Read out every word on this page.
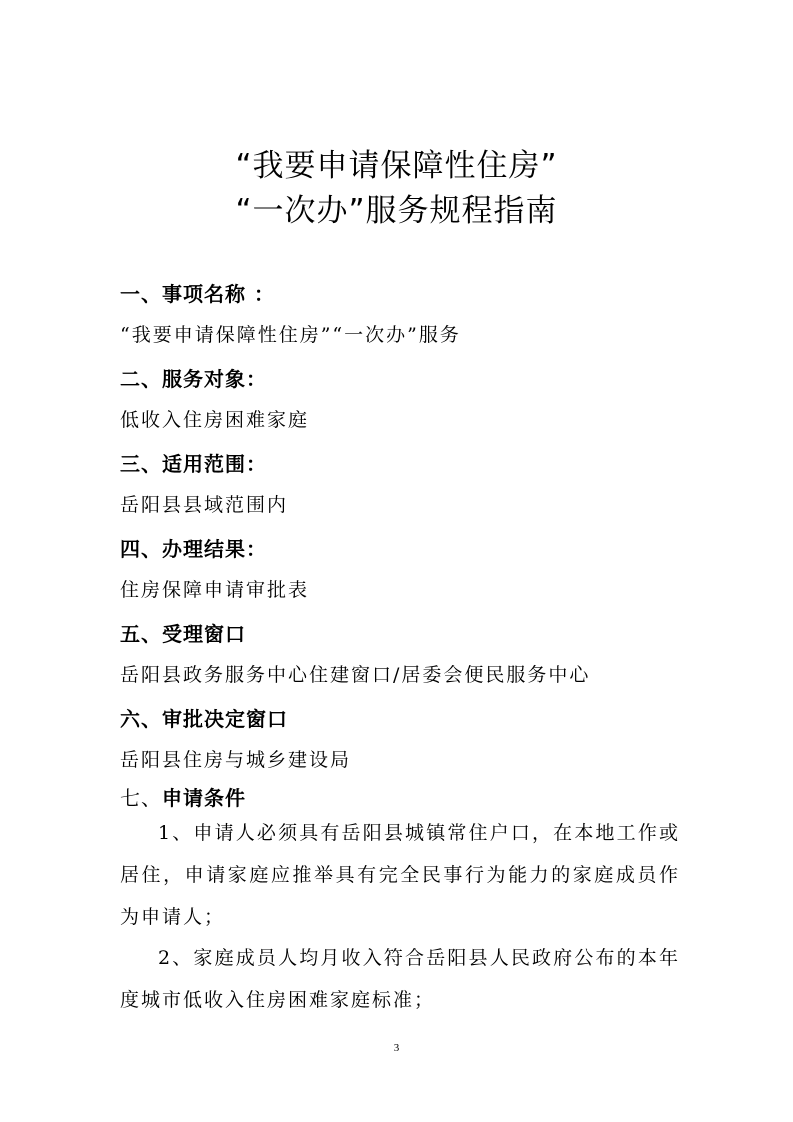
“我要申请保障性住房”
“一次办”服务规程指南
一、事项名称 ：
“我要申请保障性住房”“一次办”服务
二、服务对象：
低收入住房困难家庭
三、适用范围：
岳阳县县域范围内
四、办理结果：
住房保障申请审批表
五、受理窗口
岳阳县政务服务中心住建窗口/居委会便民服务中心
六、审批决定窗口
岳阳县住房与城乡建设局
七、申请条件
1、申请人必须具有岳阳县城镇常住户口，在本地工作或居住，申请家庭应推举具有完全民事行为能力的家庭成员作为申请人；
2、家庭成员人均月收入符合岳阳县人民政府公布的本年度城市低收入住房困难家庭标准；
3
